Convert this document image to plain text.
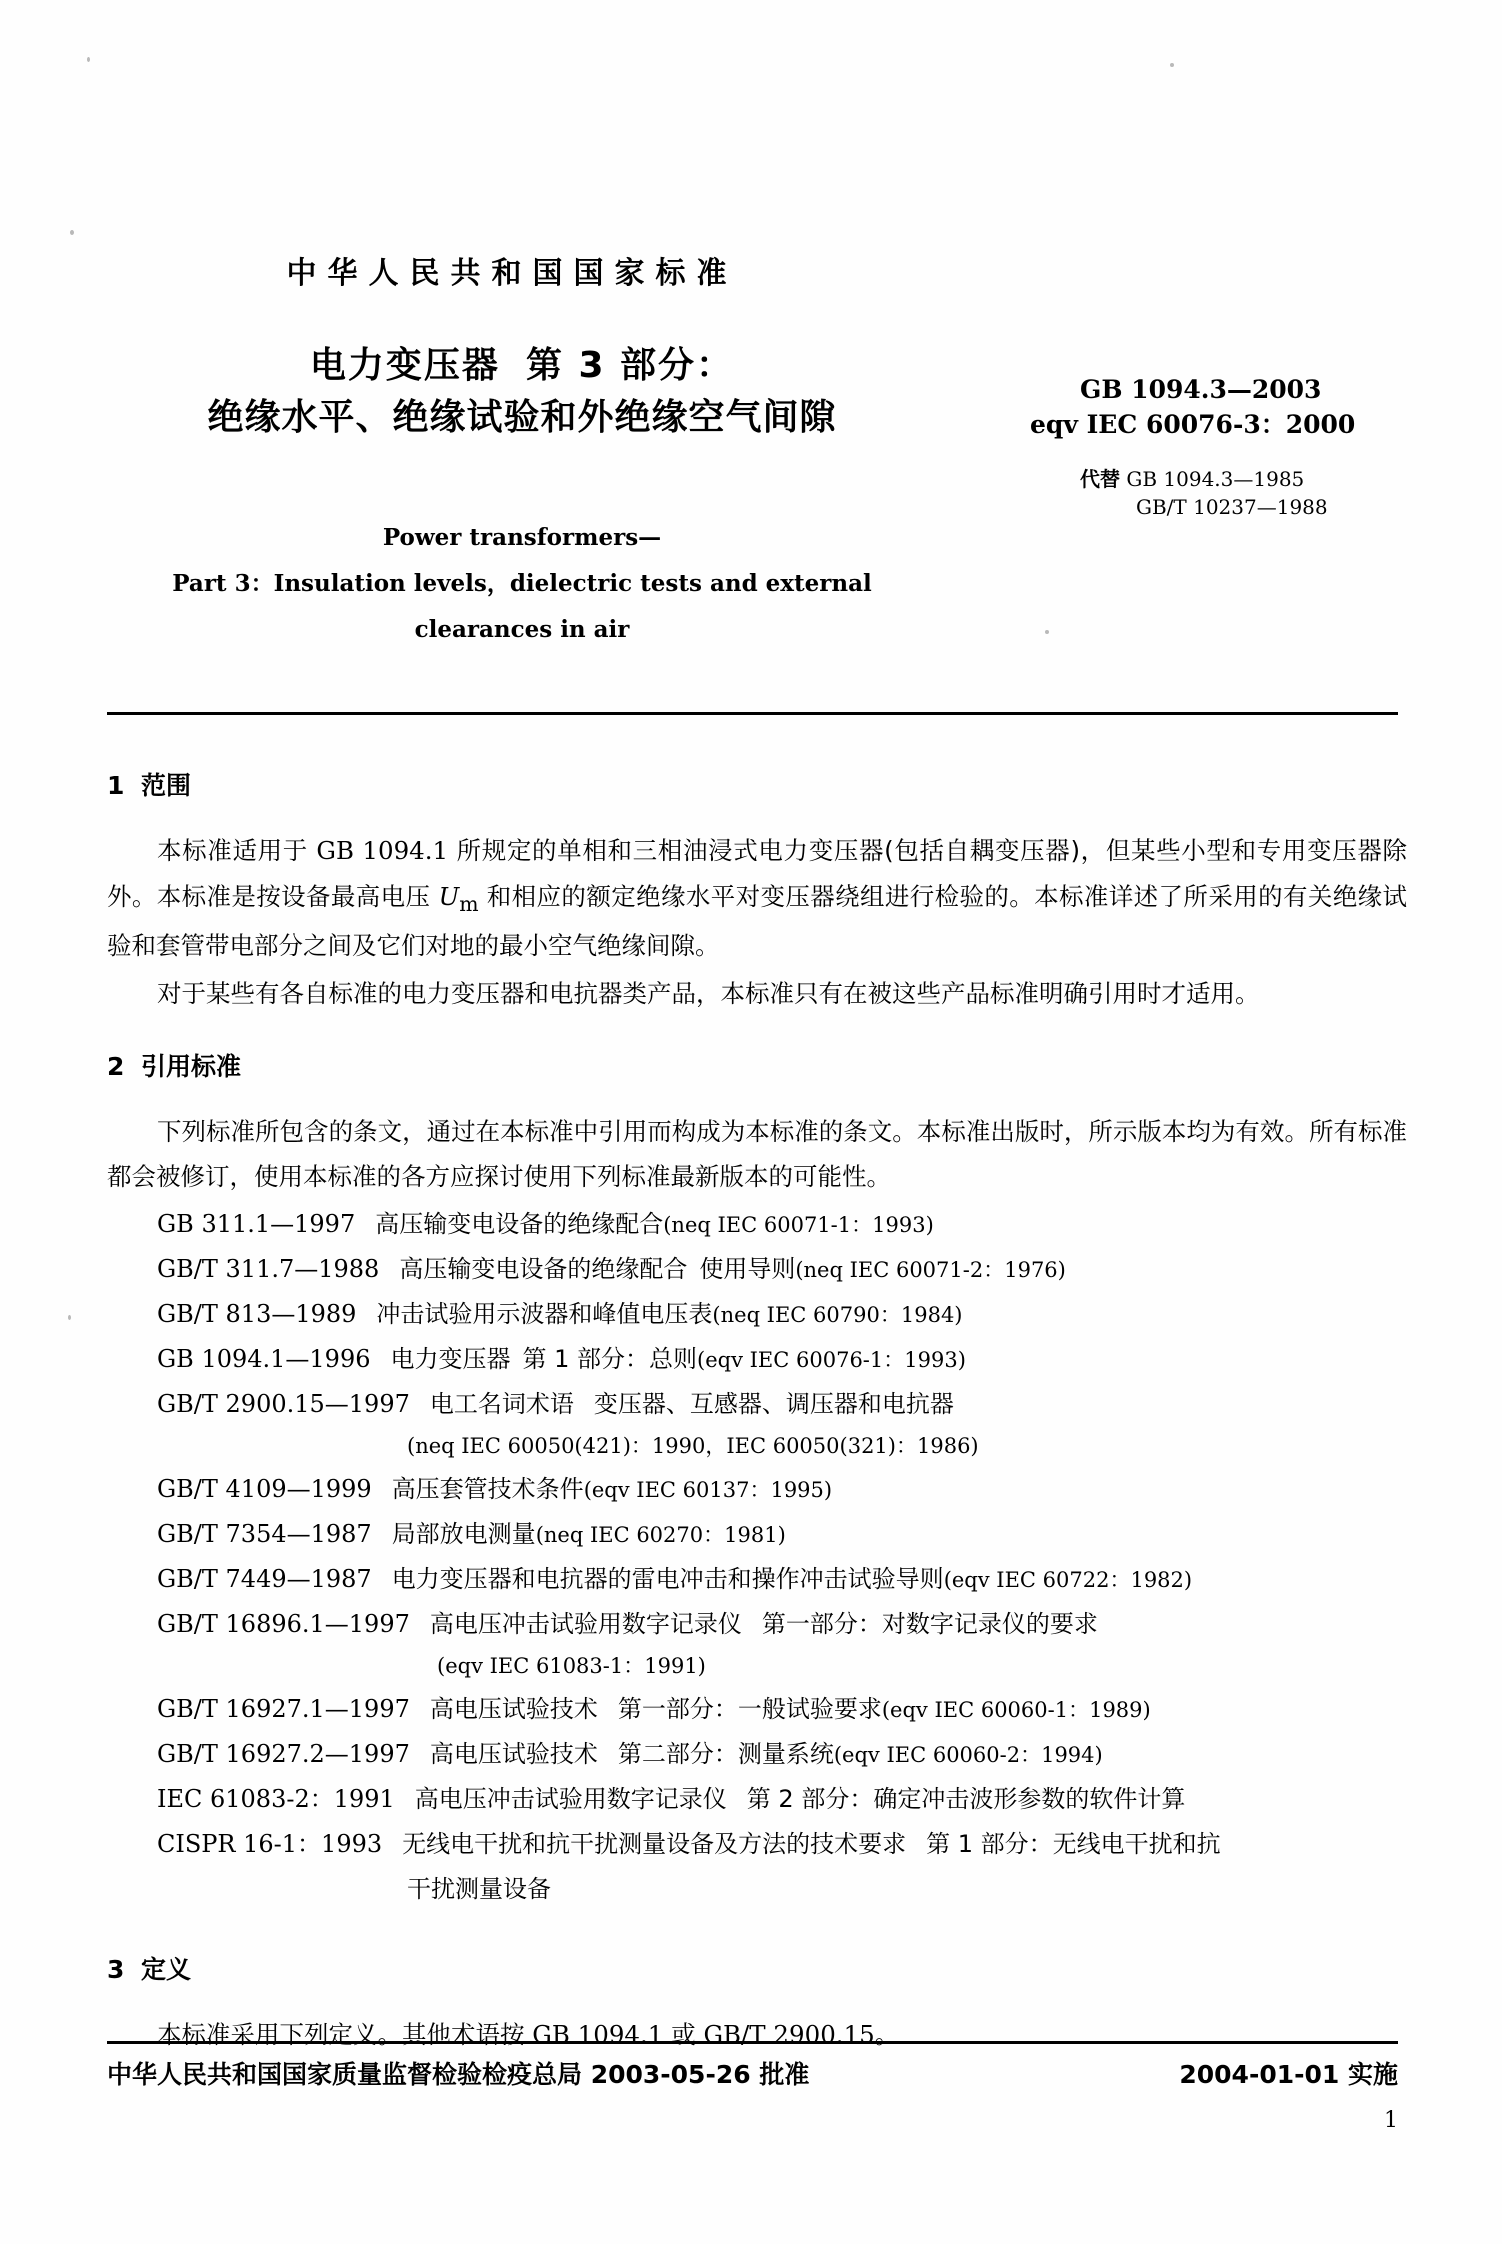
中华人民共和国国家标准
电力变压器 第 3 部分：
绝缘水平、绝缘试验和外绝缘空气间隙
GB 1094.3—2003
eqv IEC 60076-3：2000
代替 GB 1094.3—1985
GB/T 10237—1988
Power transformers—
Part 3：Insulation levels，dielectric tests and external
clearances in air
1 范围

本标准适用于 GB 1094.1 所规定的单相和三相油浸式电力变压器(包括自耦变压器)，但某些小型和专用变压器除外。本标准是按设备最高电压 $U_m$ 和相应的额定绝缘水平对变压器绕组进行检验的。本标准详述了所采用的有关绝缘试验和套管带电部分之间及它们对地的最小空气绝缘间隙。

对于某些有各自标准的电力变压器和电抗器类产品，本标准只有在被这些产品标准明确引用时才适用。

2 引用标准

下列标准所包含的条文，通过在本标准中引用而构成为本标准的条文。本标准出版时，所示版本均为有效。所有标准都会被修订，使用本标准的各方应探讨使用下列标准最新版本的可能性。

GB 311.1—1997 高压输变电设备的绝缘配合(neq IEC 60071-1：1993)
GB/T 311.7—1988 高压输变电设备的绝缘配合 使用导则(neq IEC 60071-2：1976)
GB/T 813—1989 冲击试验用示波器和峰值电压表(neq IEC 60790：1984)
GB 1094.1—1996 电力变压器 第 1 部分：总则(eqv IEC 60076-1：1993)
GB/T 2900.15—1997 电工名词术语 变压器、互感器、调压器和电抗器
(neq IEC 60050(421)：1990，IEC 60050(321)：1986)
GB/T 4109—1999 高压套管技术条件(eqv IEC 60137：1995)
GB/T 7354—1987 局部放电测量(neq IEC 60270：1981)
GB/T 7449—1987 电力变压器和电抗器的雷电冲击和操作冲击试验导则(eqv IEC 60722：1982)
GB/T 16896.1—1997 高电压冲击试验用数字记录仪 第一部分：对数字记录仪的要求
(eqv IEC 61083-1：1991)
GB/T 16927.1—1997 高电压试验技术 第一部分：一般试验要求(eqv IEC 60060-1：1989)
GB/T 16927.2—1997 高电压试验技术 第二部分：测量系统(eqv IEC 60060-2：1994)
IEC 61083-2：1991 高电压冲击试验用数字记录仪 第 2 部分：确定冲击波形参数的软件计算
CISPR 16-1：1993 无线电干扰和抗干扰测量设备及方法的技术要求 第 1 部分：无线电干扰和抗
干扰测量设备
3 定义

本标准采用下列定义。其他术语按 GB 1094.1 或 GB/T 2900.15。

中华人民共和国国家质量监督检验检疫总局 2003-05-26 批准	2004-01-01 实施
1
